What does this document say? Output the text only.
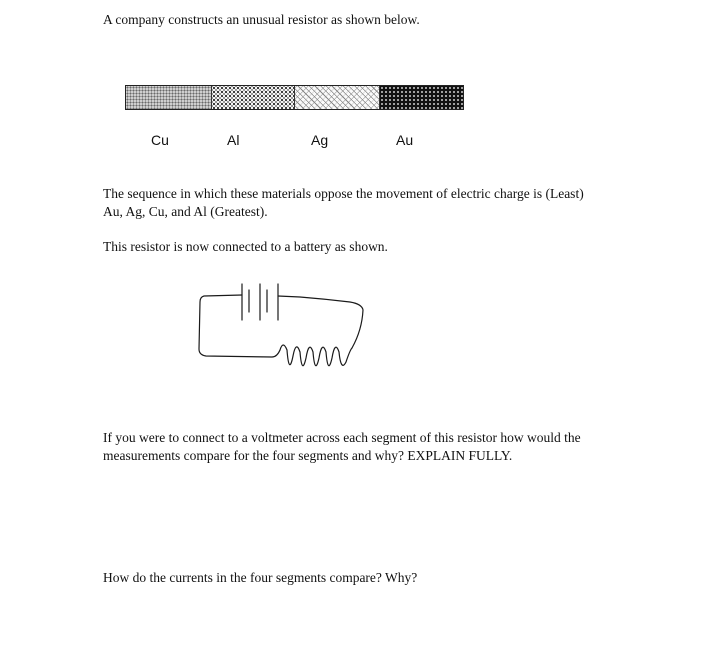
A company constructs an unusual resistor as shown below.

Cu	Al	Ag	Au

The sequence in which these materials oppose the movement of electric charge is (Least)
Au, Ag, Cu, and Al (Greatest).

This resistor is now connected to a battery as shown.

If you were to connect to a voltmeter across each segment of this resistor how would the
measurements compare for the four segments and why? EXPLAIN FULLY.

How do the currents in the four segments compare? Why?
